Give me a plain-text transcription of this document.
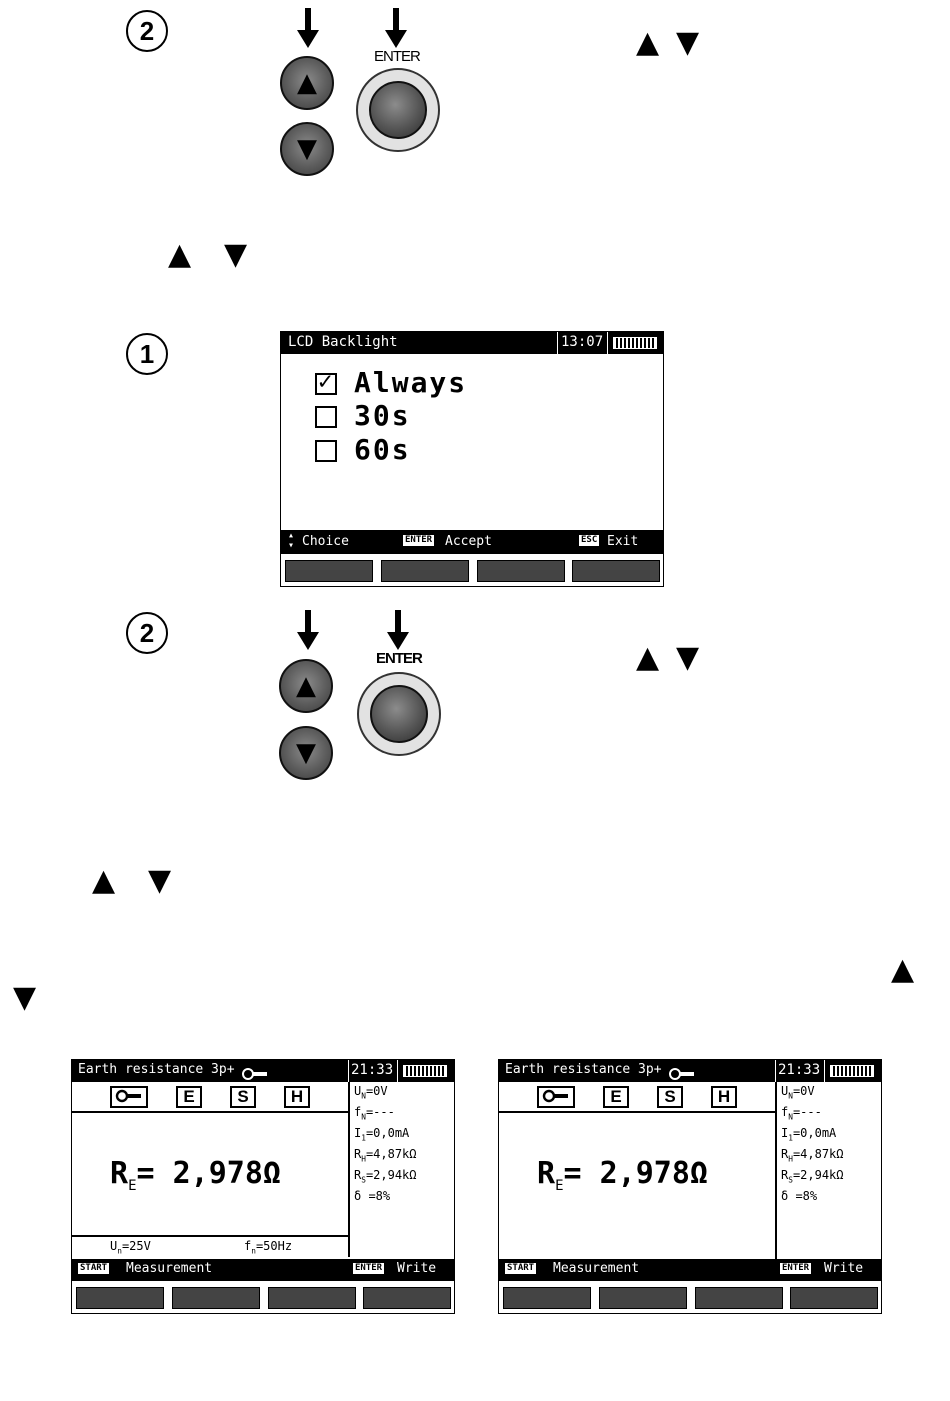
2
▲
▼
ENTER	▲ ▼
▲ ▼
1	LCD Backlight	13:07
✓ Always
30s
60s
▴
▾ Choice	ENTER Accept	ESC Exit
2
▲
▼
ENTER	▲ ▼
▲ ▼
▲
▼
Earth resistance 3p+	21:33
E	S	H
$R_E= 2,978\Omega$
$U_N=0V$
$f_N=---$
$I_1=0,0mA$
$R_H=4,87k\Omega$
$R_S=2,94k\Omega$
δ =8%
$U_n=25V$	$f_n=50Hz$
START Measurement	ENTER Write
Earth resistance 3p+	21:33
E	S	H
$R_E= 2,978\Omega$
$U_N=0V$
$f_N=---$
$I_1=0,0mA$
$R_H=4,87k\Omega$
$R_S=2,94k\Omega$
δ =8%
START Measurement	ENTER Write
